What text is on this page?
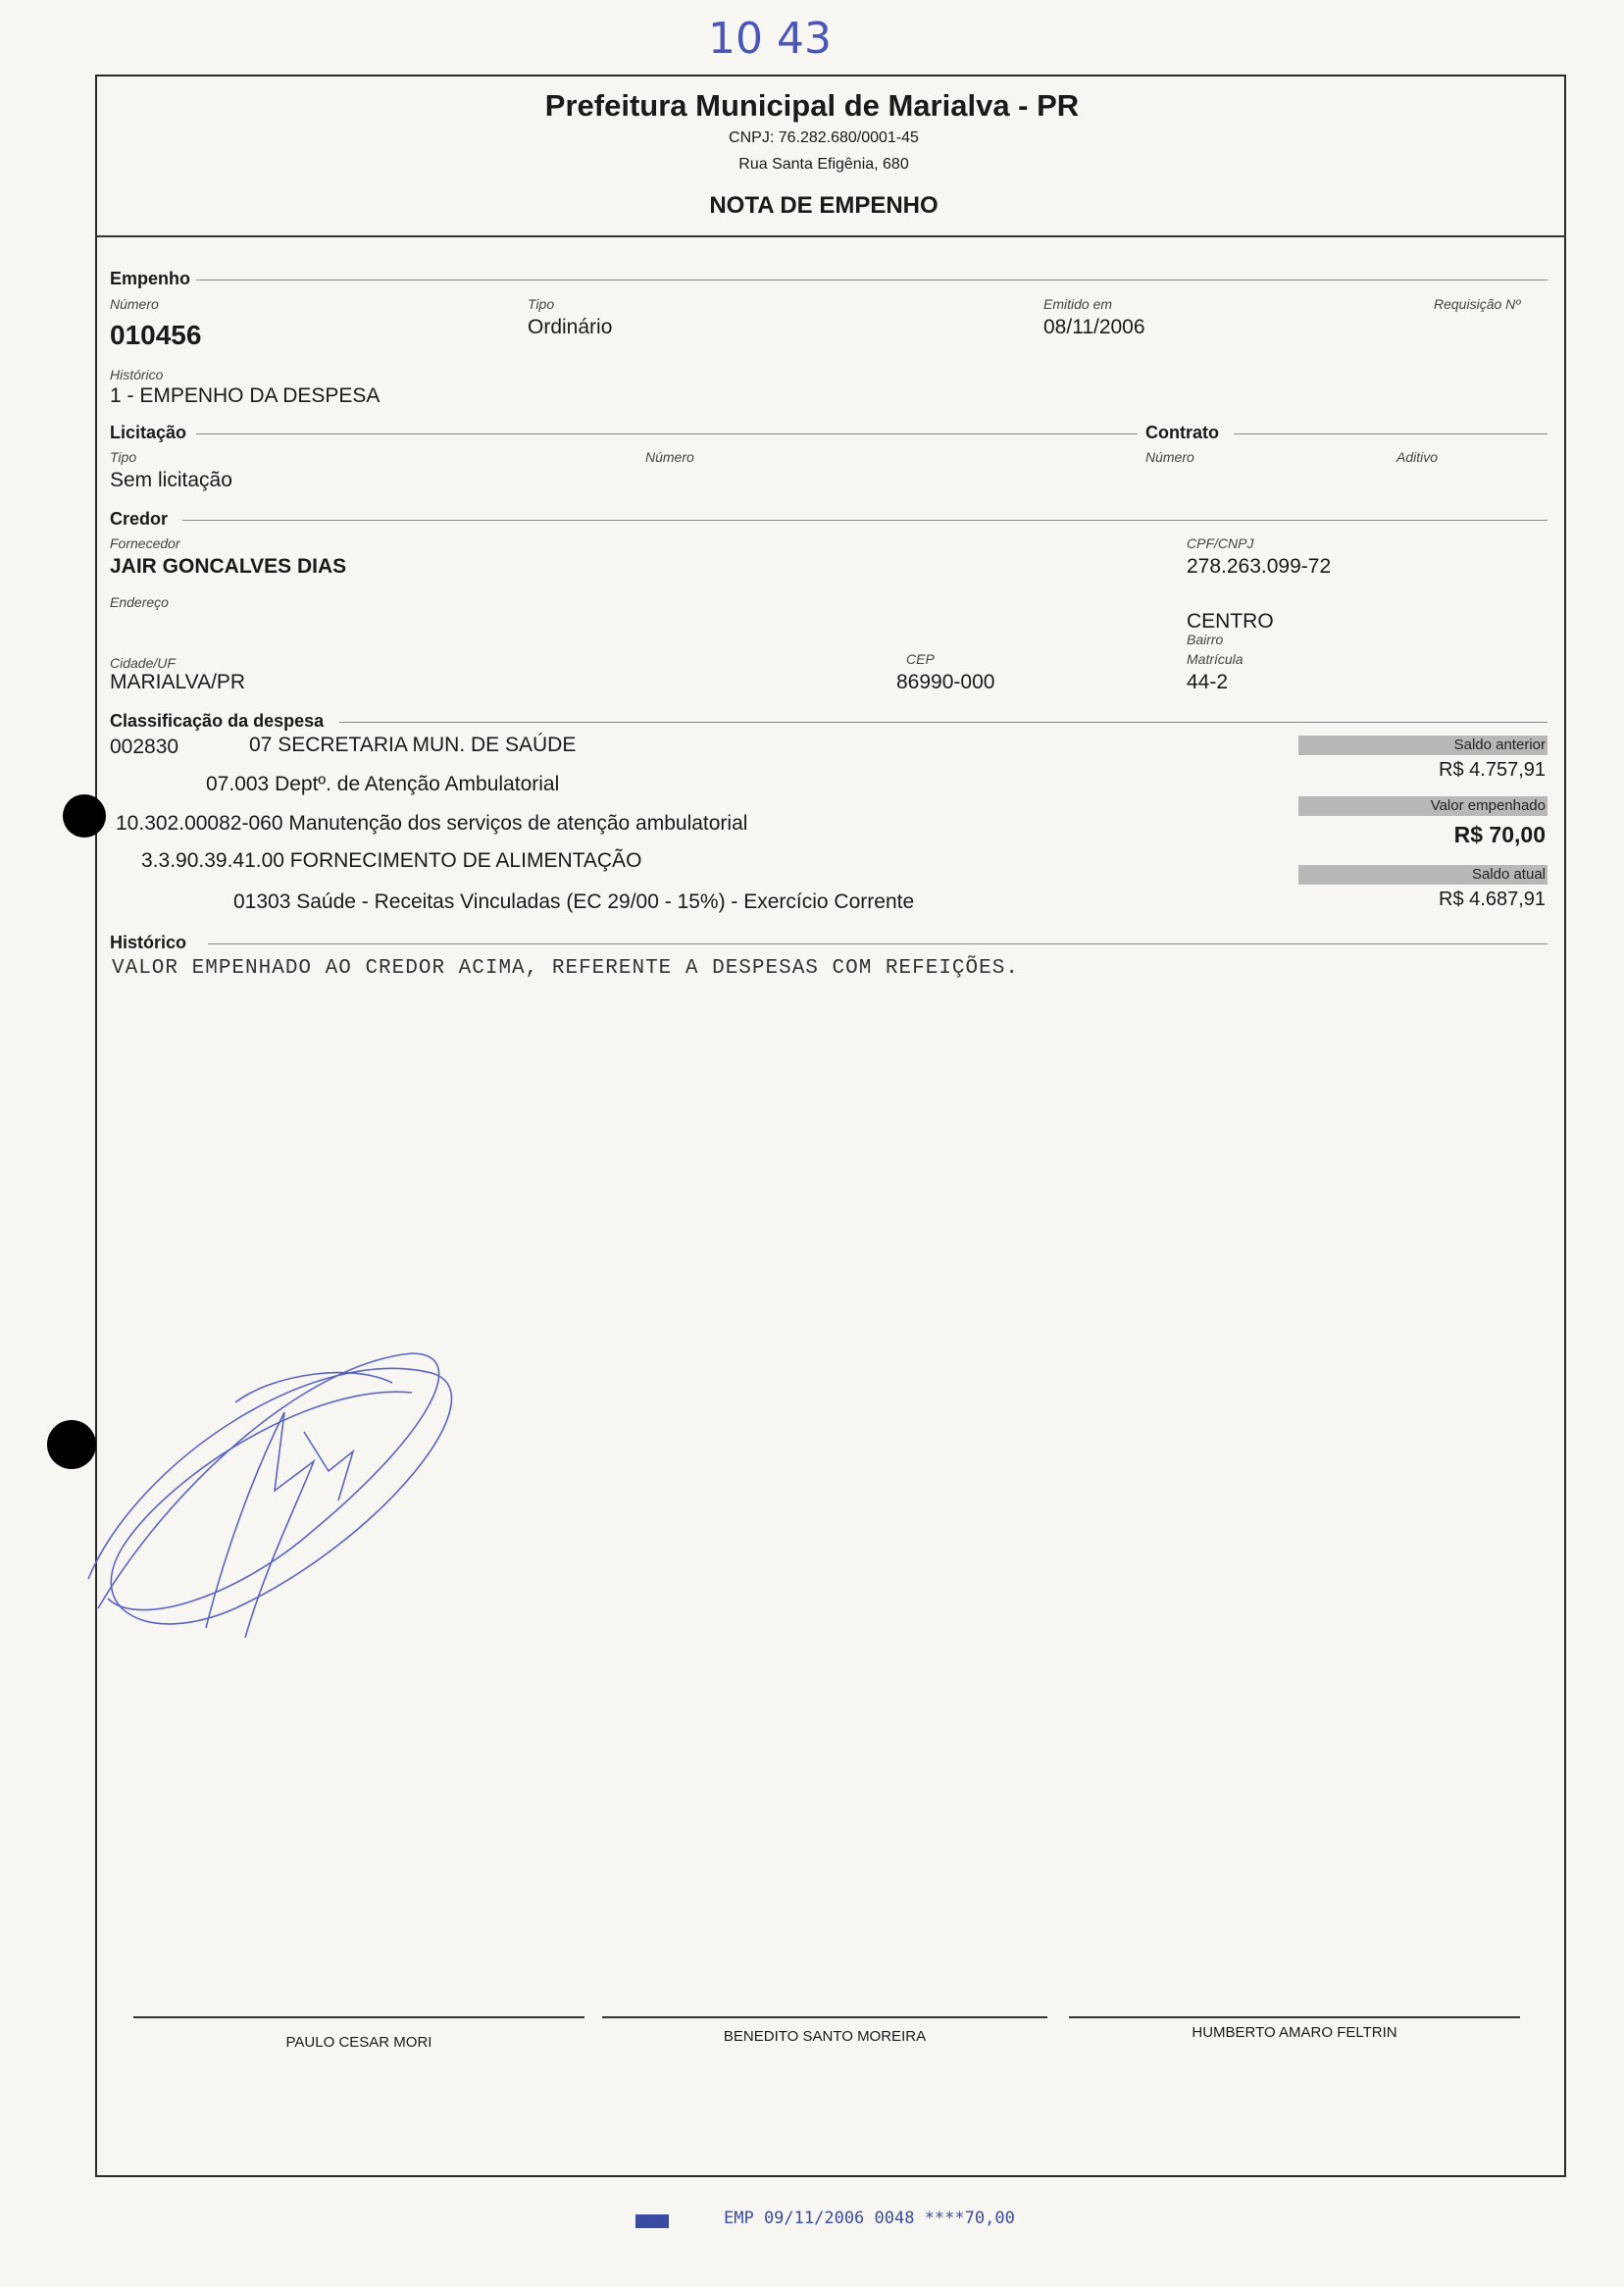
10 43
Prefeitura Municipal de Marialva - PR
CNPJ: 76.282.680/0001-45
Rua Santa Efigênia, 680
NOTA DE EMPENHO
Empenho
Número
010456
Tipo
Ordinário
Emitido em
08/11/2006
Requisição Nº
Histórico
1 - EMPENHO DA DESPESA
Licitação	Contrato
Tipo
Sem licitação
Número	Número	Aditivo
Credor
Fornecedor
JAIR GONCALVES DIAS
CPF/CNPJ
278.263.099-72
Endereço
Bairro
CENTRO
Cidade/UF
MARIALVA/PR
CEP
86990-000
Matrícula
44-2
Classificação da despesa
002830	07 SECRETARIA MUN. DE SAÚDE
07.003 Deptº. de Atenção Ambulatorial
10.302.00082-060 Manutenção dos serviços de atenção ambulatorial
3.3.90.39.41.00 FORNECIMENTO DE ALIMENTAÇÃO
01303 Saúde - Receitas Vinculadas (EC 29/00 - 15%) - Exercício Corrente
Saldo anterior
R$ 4.757,91
Valor empenhado
R$ 70,00
Saldo atual
R$ 4.687,91
Histórico
VALOR EMPENHADO AO CREDOR ACIMA, REFERENTE A DESPESAS COM REFEIÇÕES.
PAULO CESAR MORI	BENEDITO SANTO MOREIRA	HUMBERTO AMARO FELTRIN
EMP 09/11/2006 0048 ****70,00
